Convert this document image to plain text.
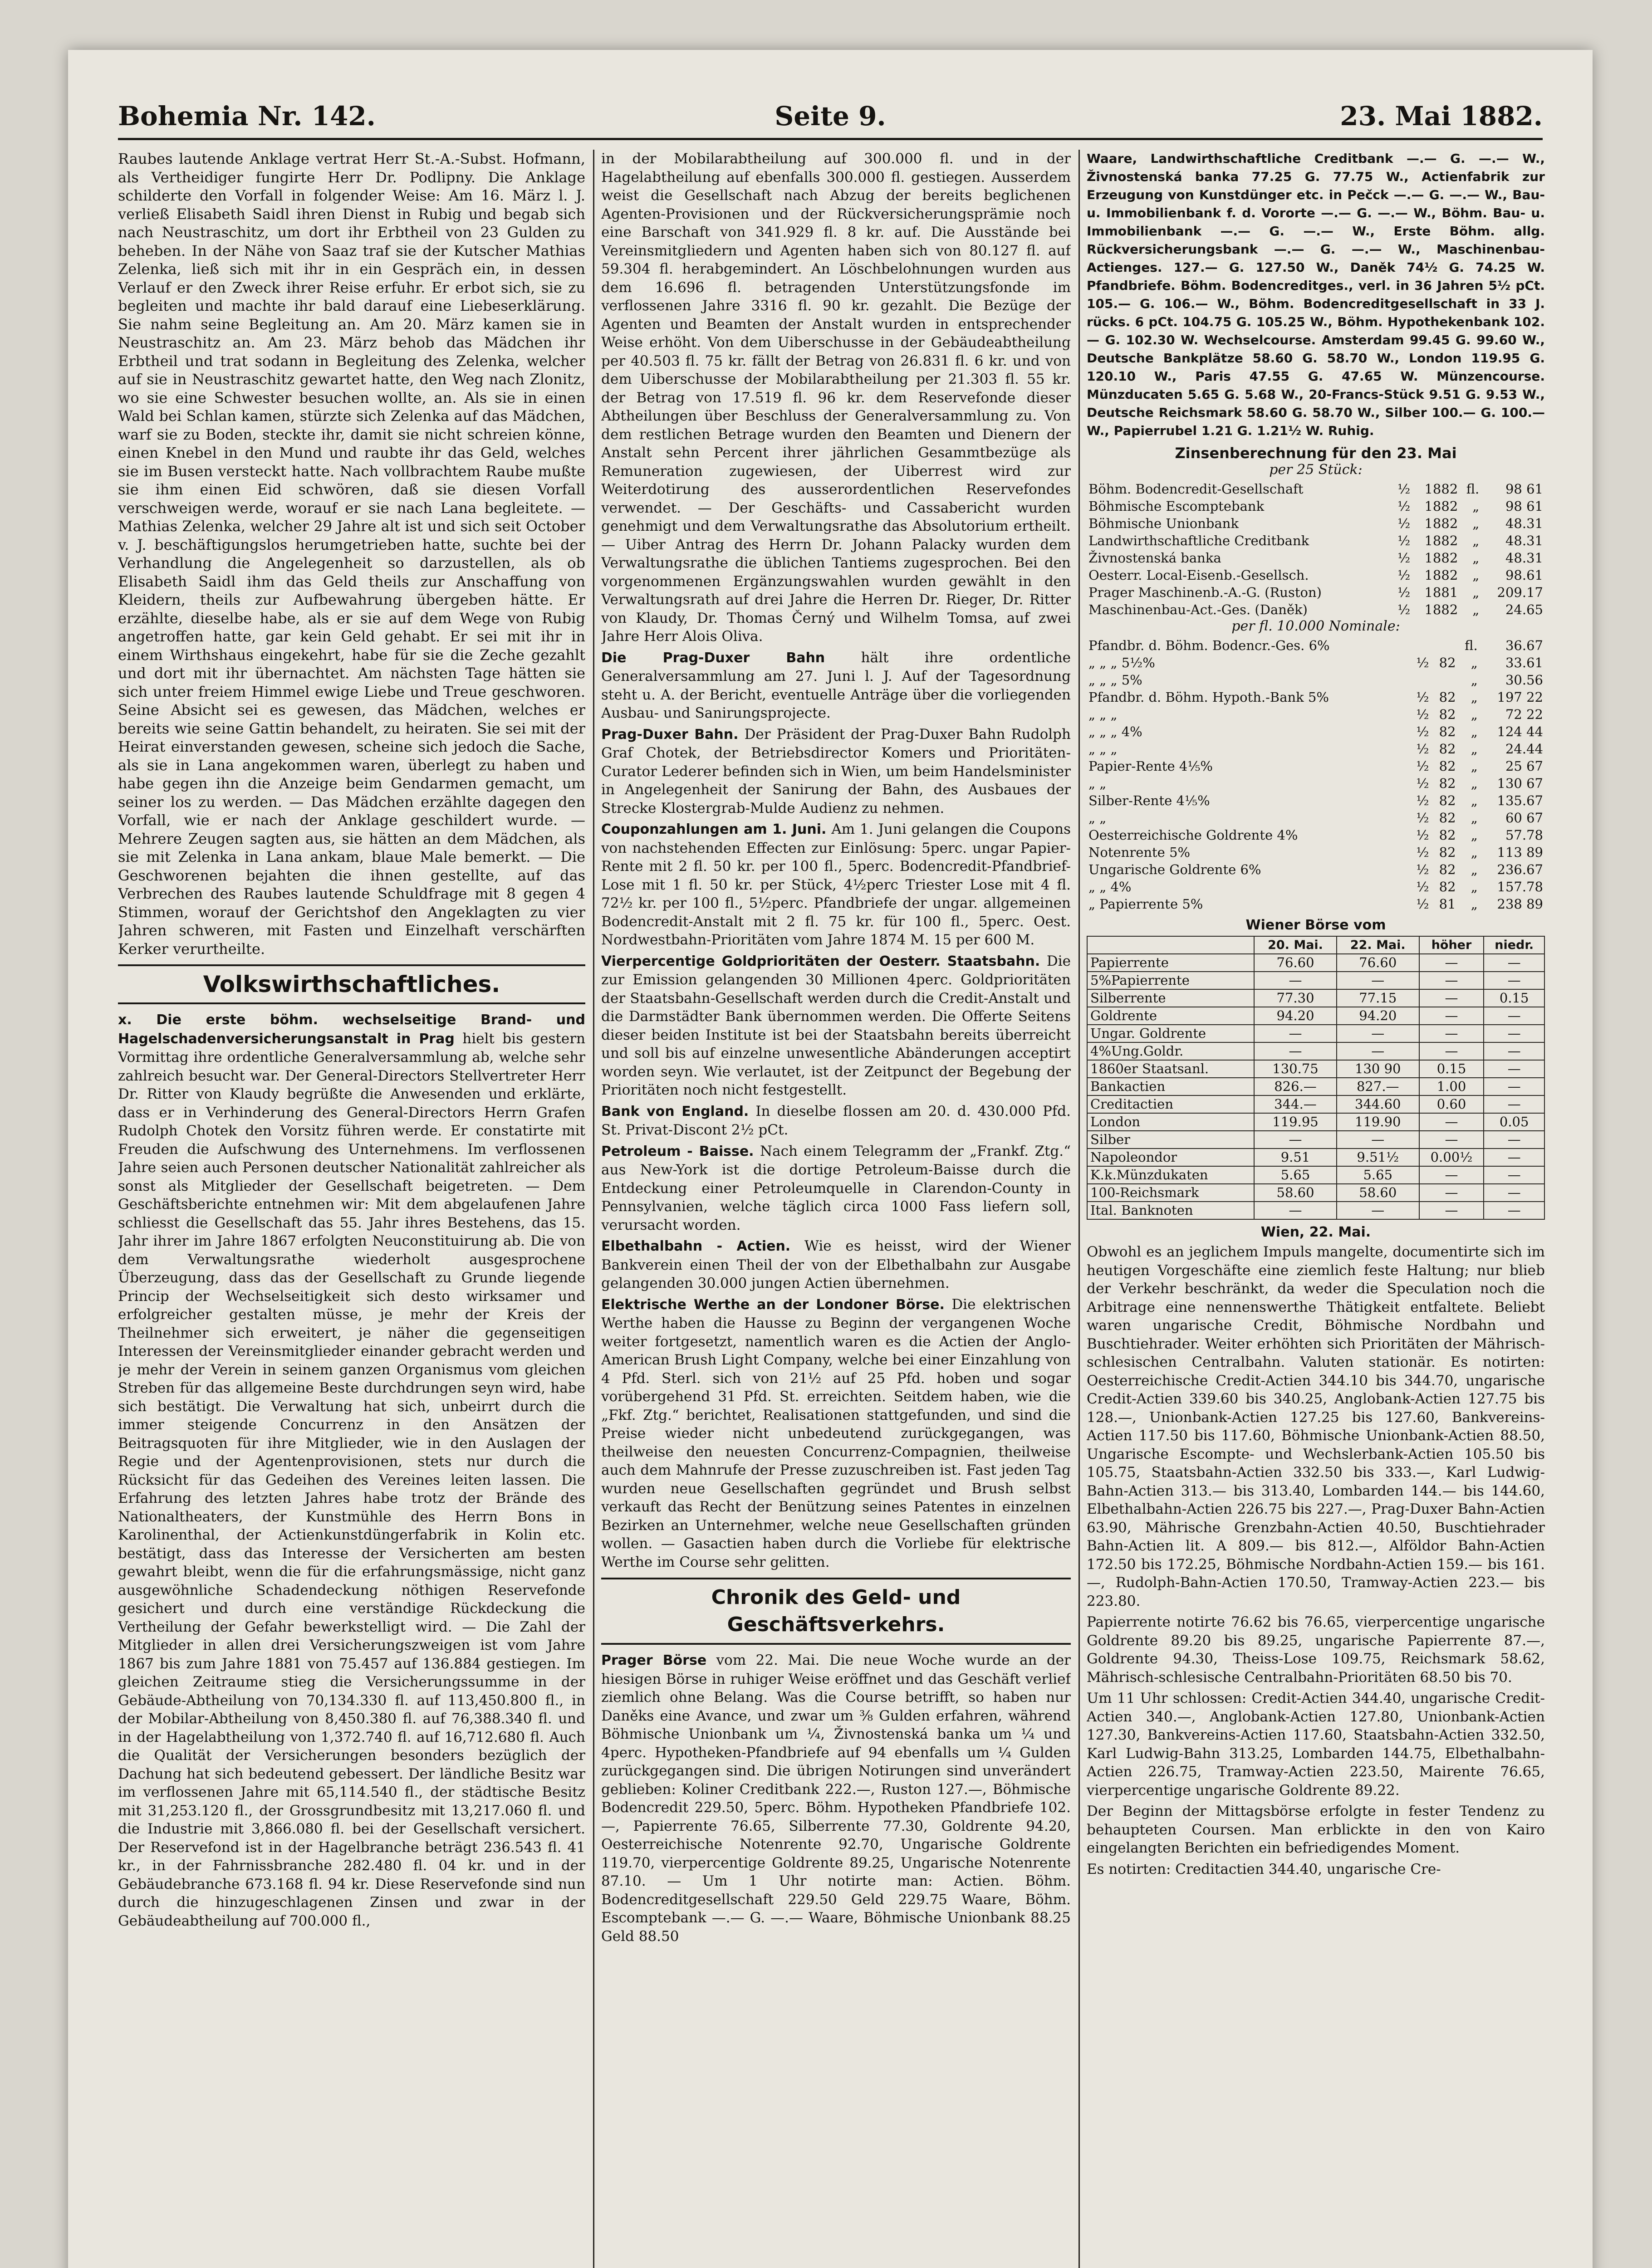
Bohemia Nr. 142.	Seite 9.	23. Mai 1882.

Raubes lautende Anklage vertrat Herr St.-A.-Subst. Hofmann, als Vertheidiger fungirte Herr Dr. Podlipny. Die Anklage schilderte den Vorfall in folgender Weise: Am 16. März l. J. verließ Elisabeth Saidl ihren Dienst in Rubig und begab sich nach Neustraschitz, um dort ihr Erbtheil von 23 Gulden zu beheben. In der Nähe von Saaz traf sie der Kutscher Mathias Zelenka, ließ sich mit ihr in ein Gespräch ein, in dessen Verlauf er den Zweck ihrer Reise erfuhr. Er erbot sich, sie zu begleiten und machte ihr bald darauf eine Liebeserklärung. Sie nahm seine Begleitung an. Am 20. März kamen sie in Neustraschitz an. Am 23. März behob das Mädchen ihr Erbtheil und trat sodann in Begleitung des Zelenka, welcher auf sie in Neustraschitz gewartet hatte, den Weg nach Zlonitz, wo sie eine Schwester besuchen wollte, an. Als sie in einen Wald bei Schlan kamen, stürzte sich Zelenka auf das Mädchen, warf sie zu Boden, steckte ihr, damit sie nicht schreien könne, einen Knebel in den Mund und raubte ihr das Geld, welches sie im Busen versteckt hatte. Nach vollbrachtem Raube mußte sie ihm einen Eid schwören, daß sie diesen Vorfall verschweigen werde, worauf er sie nach Lana begleitete. — Mathias Zelenka, welcher 29 Jahre alt ist und sich seit October v. J. beschäftigungslos herumgetrieben hatte, suchte bei der Verhandlung die Angelegenheit so darzustellen, als ob Elisabeth Saidl ihm das Geld theils zur Anschaffung von Kleidern, theils zur Aufbewahrung übergeben hätte. Er erzählte, dieselbe habe, als er sie auf dem Wege von Rubig angetroffen hatte, gar kein Geld gehabt. Er sei mit ihr in einem Wirthshaus eingekehrt, habe für sie die Zeche gezahlt und dort mit ihr übernachtet. Am nächsten Tage hätten sie sich unter freiem Himmel ewige Liebe und Treue geschworen. Seine Absicht sei es gewesen, das Mädchen, welches er bereits wie seine Gattin behandelt, zu heiraten. Sie sei mit der Heirat einverstanden gewesen, scheine sich jedoch die Sache, als sie in Lana angekommen waren, überlegt zu haben und habe gegen ihn die Anzeige beim Gendarmen gemacht, um seiner los zu werden. — Das Mädchen erzählte dagegen den Vorfall, wie er nach der Anklage geschildert wurde. — Mehrere Zeugen sagten aus, sie hätten an dem Mädchen, als sie mit Zelenka in Lana ankam, blaue Male bemerkt. — Die Geschworenen bejahten die ihnen gestellte, auf das Verbrechen des Raubes lautende Schuldfrage mit 8 gegen 4 Stimmen, worauf der Gerichtshof den Angeklagten zu vier Jahren schweren, mit Fasten und Einzelhaft verschärften Kerker verurtheilte.

Volkswirthschaftliches.

x. Die erste böhm. wechselseitige Brand- und Hagelschadenversicherungsanstalt in Prag hielt bis gestern Vormittag ihre ordentliche Generalversammlung ab, welche sehr zahlreich besucht war. Der General-Directors Stellvertreter Herr Dr. Ritter von Klaudy begrüßte die Anwesenden und erklärte, dass er in Verhinderung des General-Directors Herrn Grafen Rudolph Chotek den Vorsitz führen werde. Er constatirte mit Freuden die Aufschwung des Unternehmens. Im verflossenen Jahre seien auch Personen deutscher Nationalität zahlreicher als sonst als Mitglieder der Gesellschaft beigetreten. — Dem Geschäftsberichte entnehmen wir: Mit dem abgelaufenen Jahre schliesst die Gesellschaft das 55. Jahr ihres Bestehens, das 15. Jahr ihrer im Jahre 1867 erfolgten Neuconstituirung ab. Die von dem Verwaltungsrathe wiederholt ausgesprochene Überzeugung, dass das der Gesellschaft zu Grunde liegende Princip der Wechselseitigkeit sich desto wirksamer und erfolgreicher gestalten müsse, je mehr der Kreis der Theilnehmer sich erweitert, je näher die gegenseitigen Interessen der Vereinsmitglieder einander gebracht werden und je mehr der Verein in seinem ganzen Organismus vom gleichen Streben für das allgemeine Beste durchdrungen seyn wird, habe sich bestätigt. Die Verwaltung hat sich, unbeirrt durch die immer steigende Concurrenz in den Ansätzen der Beitragsquoten für ihre Mitglieder, wie in den Auslagen der Regie und der Agentenprovisionen, stets nur durch die Rücksicht für das Gedeihen des Vereines leiten lassen. Die Erfahrung des letzten Jahres habe trotz der Brände des Nationaltheaters, der Kunstmühle des Herrn Bons in Karolinenthal, der Actienkunstdüngerfabrik in Kolin etc. bestätigt, dass das Interesse der Versicherten am besten gewahrt bleibt, wenn die für die erfahrungsmässige, nicht ganz ausgewöhnliche Schadendeckung nöthigen Reservefonde gesichert und durch eine verständige Rückdeckung die Vertheilung der Gefahr bewerkstelligt wird. — Die Zahl der Mitglieder in allen drei Versicherungszweigen ist vom Jahre 1867 bis zum Jahre 1881 von 75.457 auf 136.884 gestiegen. Im gleichen Zeitraume stieg die Versicherungssumme in der Gebäude-Abtheilung von 70,134.330 fl. auf 113,450.800 fl., in der Mobilar-Abtheilung von 8,450.380 fl. auf 76,388.340 fl. und in der Hagelabtheilung von 1,372.740 fl. auf 16,712.680 fl. Auch die Qualität der Versicherungen besonders bezüglich der Dachung hat sich bedeutend gebessert. Der ländliche Besitz war im verflossenen Jahre mit 65,114.540 fl., der städtische Besitz mit 31,253.120 fl., der Grossgrundbesitz mit 13,217.060 fl. und die Industrie mit 3,866.080 fl. bei der Gesellschaft versichert. Der Reservefond ist in der Hagelbranche beträgt 236.543 fl. 41 kr., in der Fahrnissbranche 282.480 fl. 04 kr. und in der Gebäudebranche 673.168 fl. 94 kr. Diese Reservefonde sind nun durch die hinzugeschlagenen Zinsen und zwar in der Gebäudeabtheilung auf 700.000 fl.,

in der Mobilarabtheilung auf 300.000 fl. und in der Hagelabtheilung auf ebenfalls 300.000 fl. gestiegen. Ausserdem weist die Gesellschaft nach Abzug der bereits beglichenen Agenten-Provisionen und der Rückversicherungsprämie noch eine Barschaft von 341.929 fl. 8 kr. auf. Die Ausstände bei Vereinsmitgliedern und Agenten haben sich von 80.127 fl. auf 59.304 fl. herabgemindert. An Löschbelohnungen wurden aus dem 16.696 fl. betragenden Unterstützungsfonde im verflossenen Jahre 3316 fl. 90 kr. gezahlt. Die Bezüge der Agenten und Beamten der Anstalt wurden in entsprechender Weise erhöht. Von dem Uiberschusse in der Gebäudeabtheilung per 40.503 fl. 75 kr. fällt der Betrag von 26.831 fl. 6 kr. und von dem Uiberschusse der Mobilarabtheilung per 21.303 fl. 55 kr. der Betrag von 17.519 fl. 96 kr. dem Reservefonde dieser Abtheilungen über Beschluss der Generalversammlung zu. Von dem restlichen Betrage wurden den Beamten und Dienern der Anstalt sehn Percent ihrer jährlichen Gesammtbezüge als Remuneration zugewiesen, der Uiberrest wird zur Weiterdotirung des ausserordentlichen Reservefondes verwendet. — Der Geschäfts- und Cassabericht wurden genehmigt und dem Verwaltungsrathe das Absolutorium ertheilt. — Uiber Antrag des Herrn Dr. Johann Palacky wurden dem Verwaltungsrathe die üblichen Tantiems zugesprochen. Bei den vorgenommenen Ergänzungswahlen wurden gewählt in den Verwaltungsrath auf drei Jahre die Herren Dr. Rieger, Dr. Ritter von Klaudy, Dr. Thomas Černý und Wilhelm Tomsa, auf zwei Jahre Herr Alois Oliva.

Die Prag-Duxer Bahn	hält ihre ordentliche Generalversammlung am 27. Juni l. J. Auf der Tagesordnung steht u. A. der Bericht, eventuelle Anträge über die vorliegenden Ausbau- und Sanirungsprojecte.

Prag-Duxer Bahn. Der Präsident der Prag-Duxer Bahn Rudolph Graf Chotek, der Betriebsdirector Komers und Prioritäten-Curator Lederer befinden sich in Wien, um beim Handelsminister in Angelegenheit der Sanirung der Bahn, des Ausbaues der Strecke Klostergrab-Mulde Audienz zu nehmen.

Couponzahlungen am 1. Juni. Am 1. Juni gelangen die Coupons von nachstehenden Effecten zur Einlösung: 5perc. ungar Papier-Rente mit 2 fl. 50 kr. per 100 fl., 5perc. Bodencredit-Pfandbrief-Lose mit 1 fl. 50 kr. per Stück, 4½perc Triester Lose mit 4 fl. 72½ kr. per 100 fl., 5½perc. Pfandbriefe der ungar. allgemeinen Bodencredit-Anstalt mit 2 fl. 75 kr. für 100 fl., 5perc. Oest. Nordwestbahn-Prioritäten vom Jahre 1874 M. 15 per 600 M.

Vierpercentige Goldprioritäten der Oesterr. Staatsbahn. Die zur Emission gelangenden 30 Millionen 4perc. Goldprioritäten der Staatsbahn-Gesellschaft werden durch die Credit-Anstalt und die Darmstädter Bank übernommen werden. Die Offerte Seitens dieser beiden Institute ist bei der Staatsbahn bereits überreicht und soll bis auf einzelne unwesentliche Abänderungen acceptirt worden seyn. Wie verlautet, ist der Zeitpunct der Begebung der Prioritäten noch nicht festgestellt.

Bank von England. In dieselbe flossen am 20. d. 430.000 Pfd. St. Privat-Discont 2½ pCt.

Petroleum - Baisse. Nach einem Telegramm der „Frankf. Ztg.“ aus New-York ist die dortige Petroleum-Baisse durch die Entdeckung einer Petroleumquelle in Clarendon-County in Pennsylvanien, welche täglich circa 1000 Fass liefern soll, verursacht worden.

Elbethalbahn - Actien. Wie es heisst, wird der Wiener Bankverein einen Theil der von der Elbethalbahn zur Ausgabe gelangenden 30.000 jungen Actien übernehmen.

Elektrische Werthe an der Londoner Börse. Die elektrischen Werthe haben die Hausse zu Beginn der vergangenen Woche weiter fortgesetzt, namentlich waren es die Actien der Anglo-American Brush Light Company, welche bei einer Einzahlung von 4 Pfd. Sterl. sich von 21½ auf 25 Pfd. hoben und sogar vorübergehend 31 Pfd. St. erreichten. Seitdem haben, wie die „Fkf. Ztg.“ berichtet, Realisationen stattgefunden, und sind die Preise wieder nicht unbedeutend zurückgegangen, was theilweise den neuesten Concurrenz-Compagnien, theilweise auch dem Mahnrufe der Presse zuzuschreiben ist. Fast jeden Tag wurden neue Gesellschaften gegründet und Brush selbst verkauft das Recht der Benützung seines Patentes in einzelnen Bezirken an Unternehmer, welche neue Gesellschaften gründen wollen. — Gasactien haben durch die Vorliebe für elektrische Werthe im Course sehr gelitten.

Chronik des Geld- und Geschäftsverkehrs.

Prager Börse vom 22. Mai. Die neue Woche wurde an der hiesigen Börse in ruhiger Weise eröffnet und das Geschäft verlief ziemlich ohne Belang. Was die Course betrifft, so haben nur Daněks eine Avance, und zwar um ⅜ Gulden erfahren, während Böhmische Unionbank um ¼, Živnostenská banka um ¼ und 4perc. Hypotheken-Pfandbriefe auf 94 ebenfalls um ¼ Gulden zurückgegangen sind. Die übrigen Notirungen sind unverändert geblieben: Koliner Creditbank 222.—, Ruston 127.—, Böhmische Bodencredit 229.50, 5perc. Böhm. Hypotheken Pfandbriefe 102.—, Papierrente 76.65, Silberrente 77.30, Goldrente 94.20, Oesterreichische Notenrente 92.70, Ungarische Goldrente 119.70, vierpercentige Goldrente 89.25, Ungarische Notenrente 87.10. — Um 1 Uhr notirte man: Actien. Böhm. Bodencreditgesellschaft 229.50 Geld 229.75 Waare, Böhm. Escomptebank —.— G. —.— Waare, Böhmische Unionbank 88.25 Geld 88.50

Waare, Landwirthschaftliche Creditbank —.— G. —.— W., Živnostenská banka 77.25 G. 77.75 W., Actienfabrik zur Erzeugung von Kunstdünger etc. in Pečck —.— G. —.— W., Bau- u. Immobilienbank f. d. Vororte —.— G. —.— W., Böhm. Bau- u. Immobilienbank —.— G. —.— W., Erste Böhm. allg. Rückversicherungsbank —.— G. —.— W., Maschinenbau-Actienges. 127.— G. 127.50 W., Daněk 74½ G. 74.25 W. Pfandbriefe. Böhm. Bodencreditges., verl. in 36 Jahren 5½ pCt. 105.— G. 106.— W., Böhm. Bodencreditgesellschaft in 33 J. rücks. 6 pCt. 104.75 G. 105.25 W., Böhm. Hypothekenbank 102.— G. 102.30 W. Wechselcourse. Amsterdam 99.45 G. 99.60 W., Deutsche Bankplätze 58.60 G. 58.70 W., London 119.95 G. 120.10 W., Paris 47.55 G. 47.65 W. Münzencourse. Münzducaten 5.65 G. 5.68 W., 20-Francs-Stück 9.51 G. 9.53 W., Deutsche Reichsmark 58.60 G. 58.70 W., Silber 100.— G. 100.— W., Papierrubel 1.21 G. 1.21½ W. Ruhig.

Zinsenberechnung für den 23. Mai
per 25 Stück:
Böhm. Bodencredit-Gesellschaft	½	1882	fl.	98 61
Böhmische Escomptebank	½	1882	„	98 61
Böhmische Unionbank	½	1882	„	48.31
Landwirthschaftliche Creditbank	½	1882	„	48.31
Živnostenská banka	½	1882	„	48.31
Oesterr. Local-Eisenb.-Gesellsch.	½	1882	„	98.61
Prager Maschinenb.-A.-G. (Ruston)	½	1881	„	209.17
Maschinenbau-Act.-Ges. (Daněk)	½	1882	„	24.65
per fl. 10.000 Nominale:
Pfandbr. d. Böhm. Bodencr.-Ges. 6%			fl.	36.67
„ „ „ 5½%	½	82	„	33.61
„ „ „ 5%			„	30.56
Pfandbr. d. Böhm. Hypoth.-Bank 5%	½	82	„	197 22
„ „ „	½	82	„	72 22
„ „ „ 4%	½	82	„	124 44
„ „ „	½	82	„	24.44
Papier-Rente 4⅕%	½	82	„	25 67
„ „	½	82	„	130 67
Silber-Rente 4⅕%	½	82	„	135.67
„ „	½	82	„	60 67
Oesterreichische Goldrente 4%	½	82	„	57.78
Notenrente 5%	½	82	„	113 89
Ungarische Goldrente 6%	½	82	„	236.67
„ „ 4%	½	82	„	157.78
„ Papierrente 5%	½	81	„	238 89
Wiener Börse vom
	20. Mai.	22. Mai.	höher	niedr.
Papierrente	76.60	76.60	—	—
5%Papierrente	—	—	—	—
Silberrente	77.30	77.15	—	0.15
Goldrente	94.20	94.20	—	—
Ungar. Goldrente	—	—	—	—
4%Ung.Goldr.	—	—	—	—
1860er Staatsanl.	130.75	130 90	0.15	—
Bankactien	826.—	827.—	1.00	—
Creditactien	344.—	344.60	0.60	—
London	119.95	119.90	—	0.05
Silber	—	—	—	—
Napoleondor	9.51	9.51½	0.00½	—
K.k.Münzdukaten	5.65	5.65	—	—
100-Reichsmark	58.60	58.60	—	—
Ital. Banknoten	—	—	—	—
Wien, 22. Mai.

Obwohl es an jeglichem Impuls mangelte, documentirte sich im heutigen Vorgeschäfte eine ziemlich feste Haltung; nur blieb der Verkehr beschränkt, da weder die Speculation noch die Arbitrage eine nennenswerthe Thätigkeit entfaltete. Beliebt waren ungarische Credit, Böhmische Nordbahn und Buschtiehrader. Weiter erhöhten sich Prioritäten der Mährisch-schlesischen Centralbahn. Valuten stationär. Es notirten: Oesterreichische Credit-Actien 344.10 bis 344.70, ungarische Credit-Actien 339.60 bis 340.25, Anglobank-Actien 127.75 bis 128.—, Unionbank-Actien 127.25 bis 127.60, Bankvereins-Actien 117.50 bis 117.60, Böhmische Unionbank-Actien 88.50, Ungarische Escompte- und Wechslerbank-Actien 105.50 bis 105.75, Staatsbahn-Actien 332.50 bis 333.—, Karl Ludwig-Bahn-Actien 313.— bis 313.40, Lombarden 144.— bis 144.60, Elbethalbahn-Actien 226.75 bis 227.—, Prag-Duxer Bahn-Actien 63.90, Mährische Grenzbahn-Actien 40.50, Buschtiehrader Bahn-Actien lit. A 809.— bis 812.—, Alföldor Bahn-Actien 172.50 bis 172.25, Böhmische Nordbahn-Actien 159.— bis 161.—, Rudolph-Bahn-Actien 170.50, Tramway-Actien 223.— bis 223.80.

Papierrente notirte 76.62 bis 76.65, vierpercentige ungarische Goldrente 89.20 bis 89.25, ungarische Papierrente 87.—, Goldrente 94.30, Theiss-Lose 109.75, Reichsmark 58.62, Mährisch-schlesische Centralbahn-Prioritäten 68.50 bis 70.

Um 11 Uhr schlossen: Credit-Actien 344.40, ungarische Credit-Actien 340.—, Anglobank-Actien 127.80, Unionbank-Actien 127.30, Bankvereins-Actien 117.60, Staatsbahn-Actien 332.50, Karl Ludwig-Bahn 313.25, Lombarden 144.75, Elbethalbahn-Actien 226.75, Tramway-Actien 223.50, Mairente 76.65, vierpercentige ungarische Goldrente 89.22.

Der Beginn der Mittagsbörse erfolgte in fester Tendenz zu behaupteten Coursen. Man erblickte in den von Kairo eingelangten Berichten ein befriedigendes Moment.

Es notirten: Creditactien 344.40, ungarische Cre-
